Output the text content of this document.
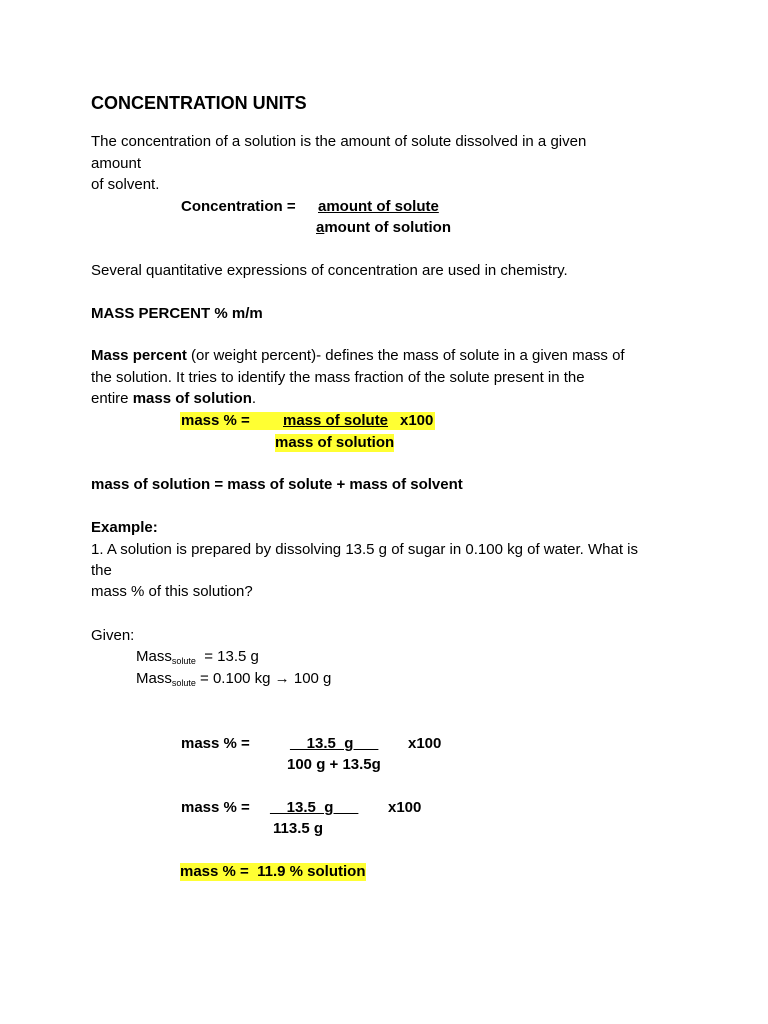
CONCENTRATION UNITS
The concentration of a solution is the amount of solute dissolved in a given
amount
of solvent.
Concentration = amount of solute
amount of solution
Several quantitative expressions of concentration are used in chemistry.
MASS PERCENT % m/m
Mass percent (or weight percent)- defines the mass of solute in a given mass of
the solution. It tries to identify the mass fraction of the solute present in the
entire mass of solution.

mass % =

mass of solute

x100

mass of solution
mass of solution = mass of solute + mass of solvent
Example:
1. A solution is prepared by dissolving 13.5 g of sugar in 0.100 kg of water. What is
the
mass % of this solution?
Given:
Mass$_{solute}$  = 13.5 g
Mass$_{solute}$ = 0.100 kg → 100 g
mass % =	__13.5  g x100
100 g + 13.5g
mass % = __13.5  g x100
113.5 g
mass % =  11.9 % solution
